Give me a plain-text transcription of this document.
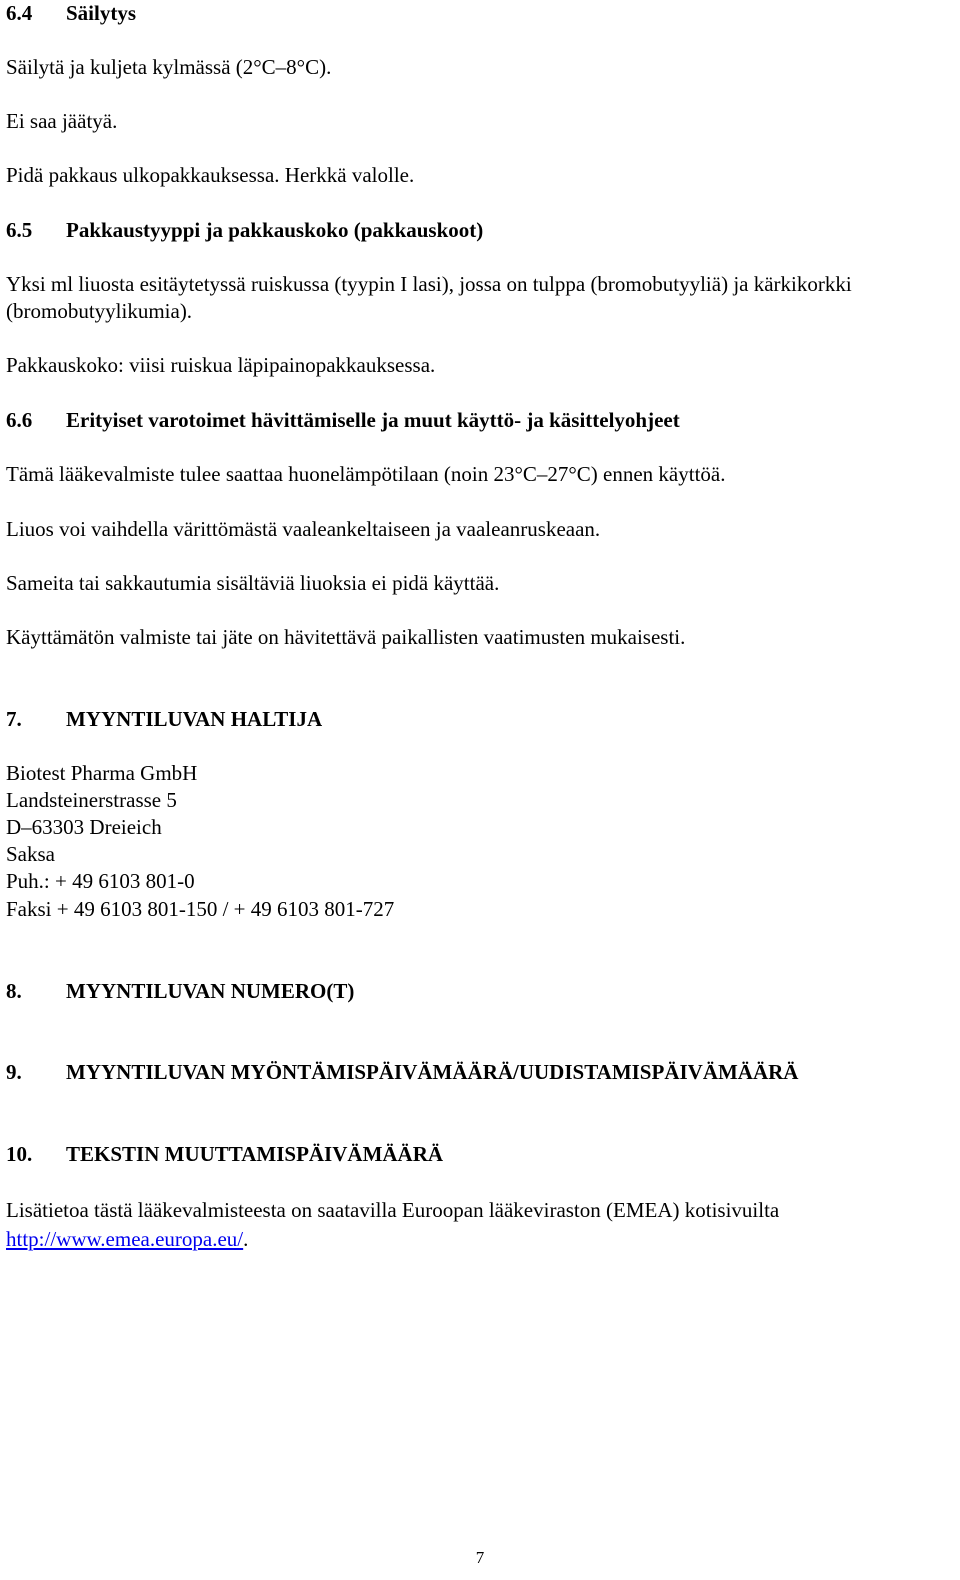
6.4 Säilytys
Säilytä ja kuljeta kylmässä (2°C–8°C).
Ei saa jäätyä.
Pidä pakkaus ulkopakkauksessa. Herkkä valolle.
6.5 Pakkaustyyppi ja pakkauskoko (pakkauskoot)
Yksi ml liuosta esitäytetyssä ruiskussa (tyypin I lasi), jossa on tulppa (bromobutyyliä) ja kärkikorkki
(bromobutyylikumia).
Pakkauskoko: viisi ruiskua läpipainopakkauksessa.
6.6 Erityiset varotoimet hävittämiselle ja muut käyttö- ja käsittelyohjeet
Tämä lääkevalmiste tulee saattaa huonelämpötilaan (noin 23°C–27°C) ennen käyttöä.
Liuos voi vaihdella värittömästä vaaleankeltaiseen ja vaaleanruskeaan.
Sameita tai sakkautumia sisältäviä liuoksia ei pidä käyttää.
Käyttämätön valmiste tai jäte on hävitettävä paikallisten vaatimusten mukaisesti.
7. MYYNTILUVAN HALTIJA
Biotest Pharma GmbH
Landsteinerstrasse 5
D–63303 Dreieich
Saksa
Puh.: + 49 6103 801-0
Faksi + 49 6103 801-150 / + 49 6103 801-727
8. MYYNTILUVAN NUMERO(T)
9. MYYNTILUVAN MYÖNTÄMISPÄIVÄMÄÄRÄ/UUDISTAMISPÄIVÄMÄÄRÄ
10. TEKSTIN MUUTTAMISPÄIVÄMÄÄRÄ
Lisätietoa tästä lääkevalmisteesta on saatavilla Euroopan lääkeviraston (EMEA) kotisivuilta
http://www.emea.europa.eu/.
7
